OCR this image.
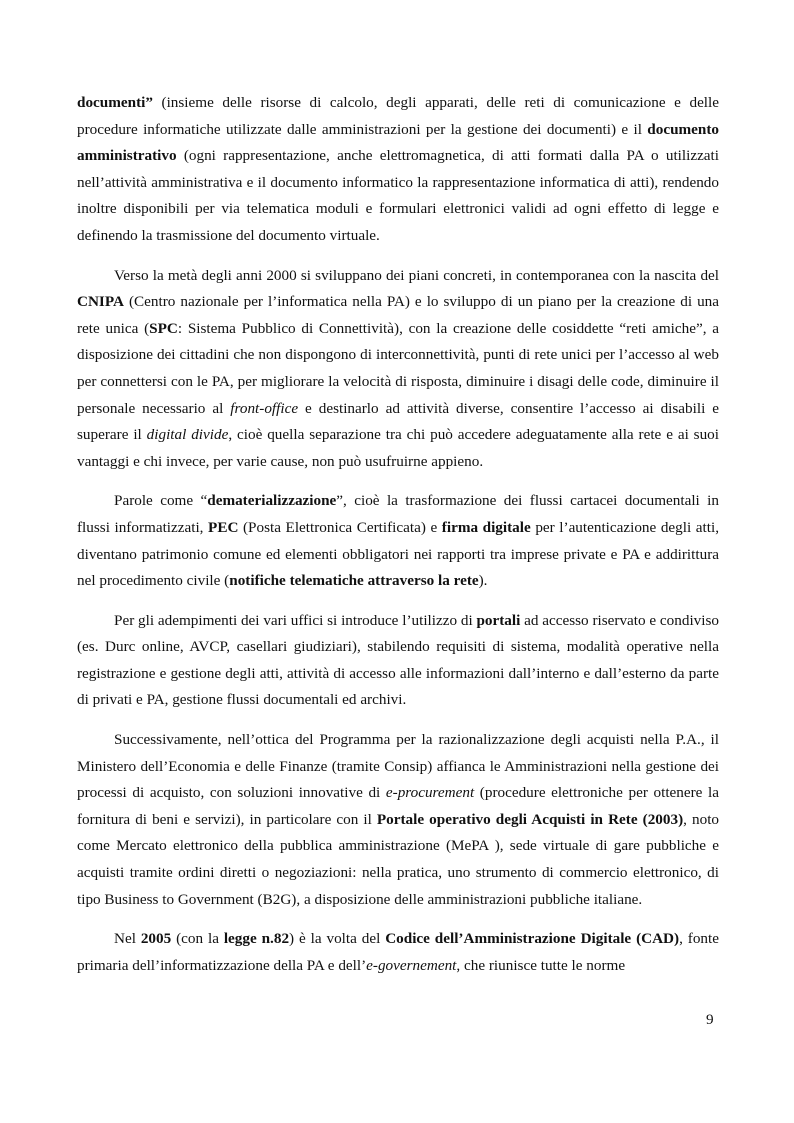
documenti” (insieme delle risorse di calcolo, degli apparati, delle reti di comunicazione e delle procedure informatiche utilizzate dalle amministrazioni per la gestione dei documenti) e il documento amministrativo (ogni rappresentazione, anche elettromagnetica, di atti formati dalla PA o utilizzati nell’attività amministrativa e il documento informatico la rappresentazione informatica di atti), rendendo inoltre disponibili per via telematica moduli e formulari elettronici validi ad ogni effetto di legge e definendo la trasmissione del documento virtuale.

Verso la metà degli anni 2000 si sviluppano dei piani concreti, in contemporanea con la nascita del CNIPA (Centro nazionale per l’informatica nella PA) e lo sviluppo di un piano per la creazione di una rete unica (SPC: Sistema Pubblico di Connettività), con la creazione delle cosiddette “reti amiche”, a disposizione dei cittadini che non dispongono di interconnettività, punti di rete unici per l’accesso al web per connettersi con le PA, per migliorare la velocità di risposta, diminuire i disagi delle code, diminuire il personale necessario al front-office e destinarlo ad attività diverse, consentire l’accesso ai disabili e superare il digital divide, cioè quella separazione tra chi può accedere adeguatamente alla rete e ai suoi vantaggi e chi invece, per varie cause, non può usufruirne appieno.

Parole come “dematerializzazione”, cioè la trasformazione dei flussi cartacei documentali in flussi informatizzati, PEC (Posta Elettronica Certificata) e firma digitale per l’autenticazione degli atti, diventano patrimonio comune ed elementi obbligatori nei rapporti tra imprese private e PA e addirittura nel procedimento civile (notifiche telematiche attraverso la rete).

Per gli adempimenti dei vari uffici si introduce l’utilizzo di portali ad accesso riservato e condiviso (es. Durc online, AVCP, casellari giudiziari), stabilendo requisiti di sistema, modalità operative nella registrazione e gestione degli atti, attività di accesso alle informazioni dall’interno e dall’esterno da parte di privati e PA, gestione flussi documentali ed archivi.

Successivamente, nell’ottica del Programma per la razionalizzazione degli acquisti nella P.A., il Ministero dell’Economia e delle Finanze (tramite Consip) affianca le Amministrazioni nella gestione dei processi di acquisto, con soluzioni innovative di e-procurement (procedure elettroniche per ottenere la fornitura di beni e servizi), in particolare con il Portale operativo degli Acquisti in Rete (2003), noto come Mercato elettronico della pubblica amministrazione (MePA ), sede virtuale di gare pubbliche e acquisti tramite ordini diretti o negoziazioni: nella pratica, uno strumento di commercio elettronico, di tipo Business to Government (B2G), a disposizione delle amministrazioni pubbliche italiane.

Nel 2005 (con la legge n.82) è la volta del Codice dell’Amministrazione Digitale (CAD), fonte primaria dell’informatizzazione della PA e dell’e-governement, che riunisce tutte le norme

9
